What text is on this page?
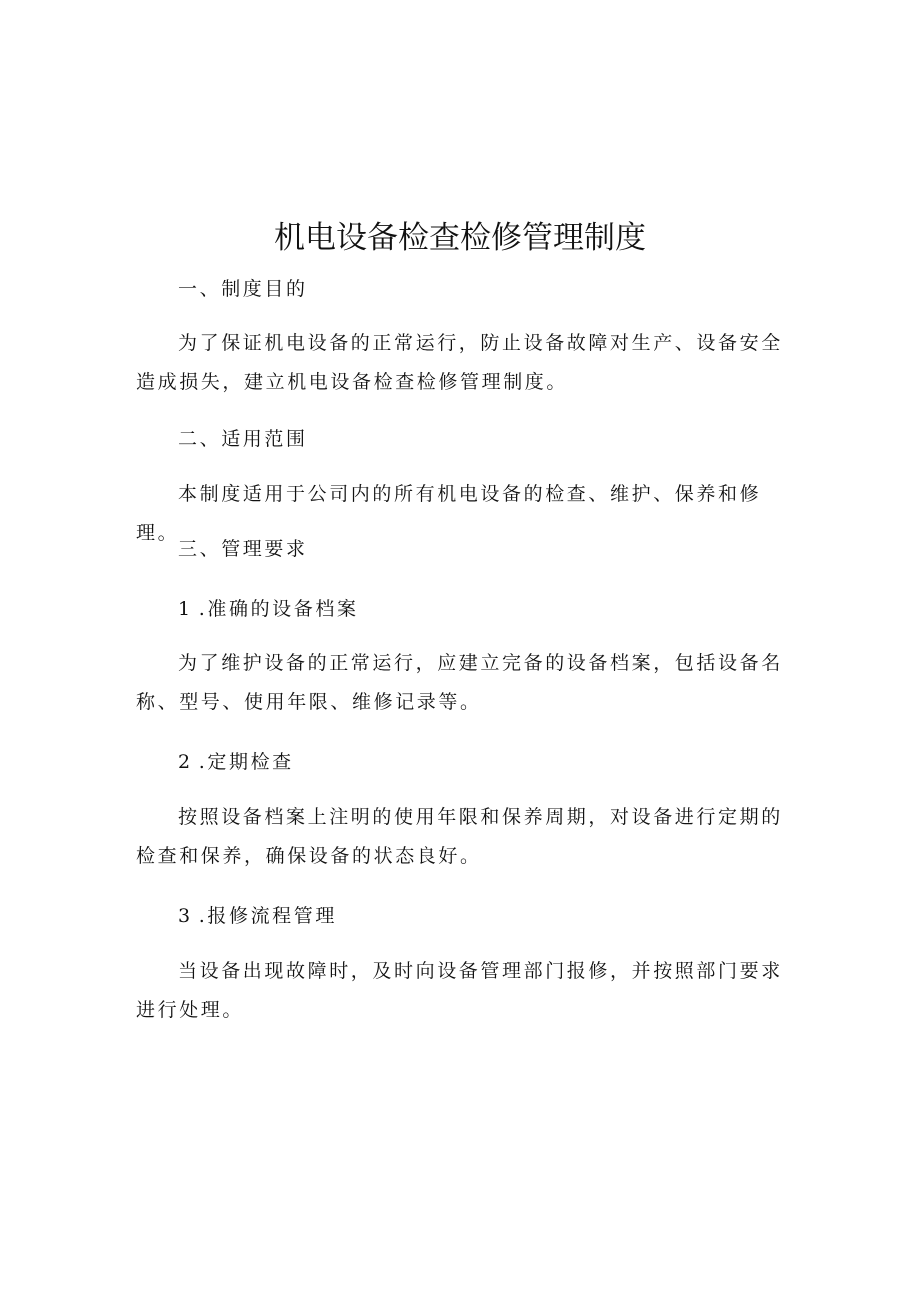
机电设备检查检修管理制度

一、制度目的

为了保证机电设备的正常运行，防止设备故障对生产、设备安全造成损失，建立机电设备检查检修管理制度。

二、适用范围

本制度适用于公司内的所有机电设备的检查、维护、保养和修理。

三、管理要求

1 .准确的设备档案

为了维护设备的正常运行，应建立完备的设备档案，包括设备名称、型号、使用年限、维修记录等。

2 .定期检查

按照设备档案上注明的使用年限和保养周期，对设备进行定期的检查和保养，确保设备的状态良好。

3 .报修流程管理

当设备出现故障时，及时向设备管理部门报修，并按照部门要求进行处理。
